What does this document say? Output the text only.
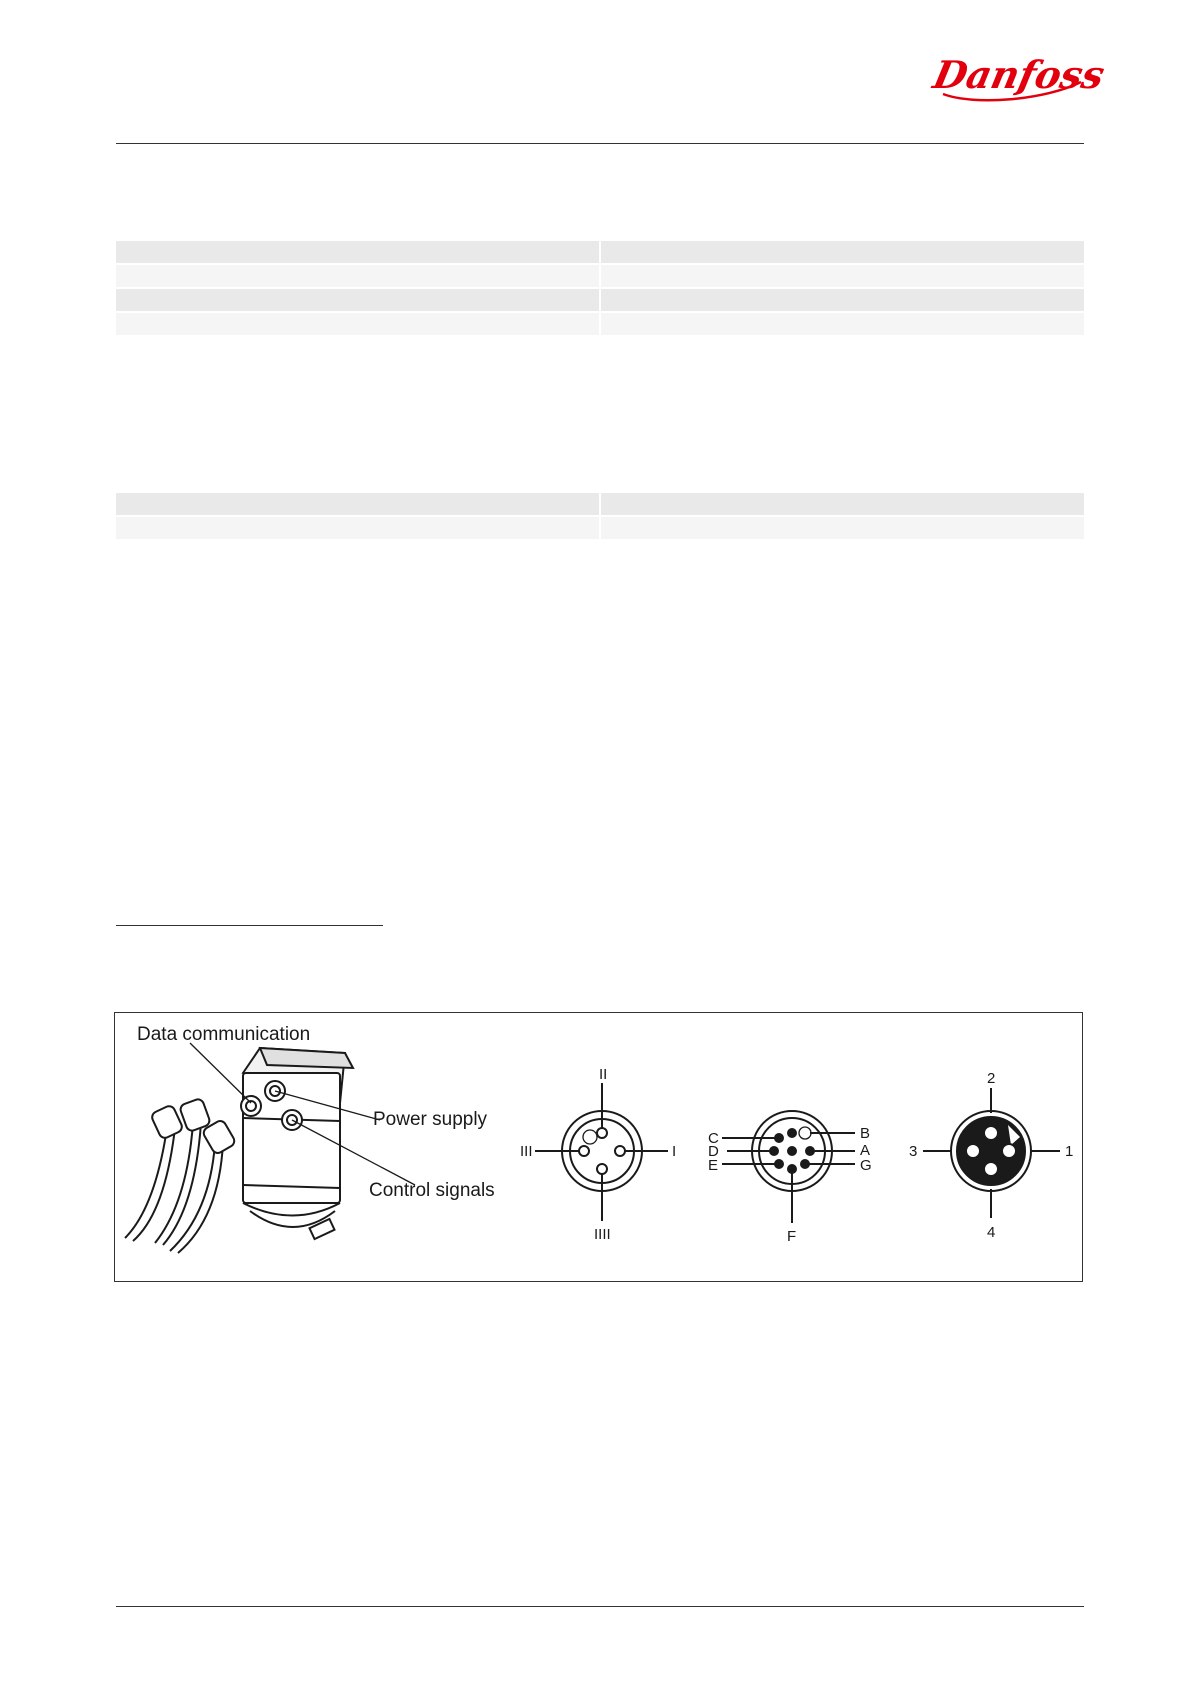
Danfoss
Data communication
Power supply
Control signals
II
I
III
IIII
C
D
E
B
A
G
F
2
1
3
4
